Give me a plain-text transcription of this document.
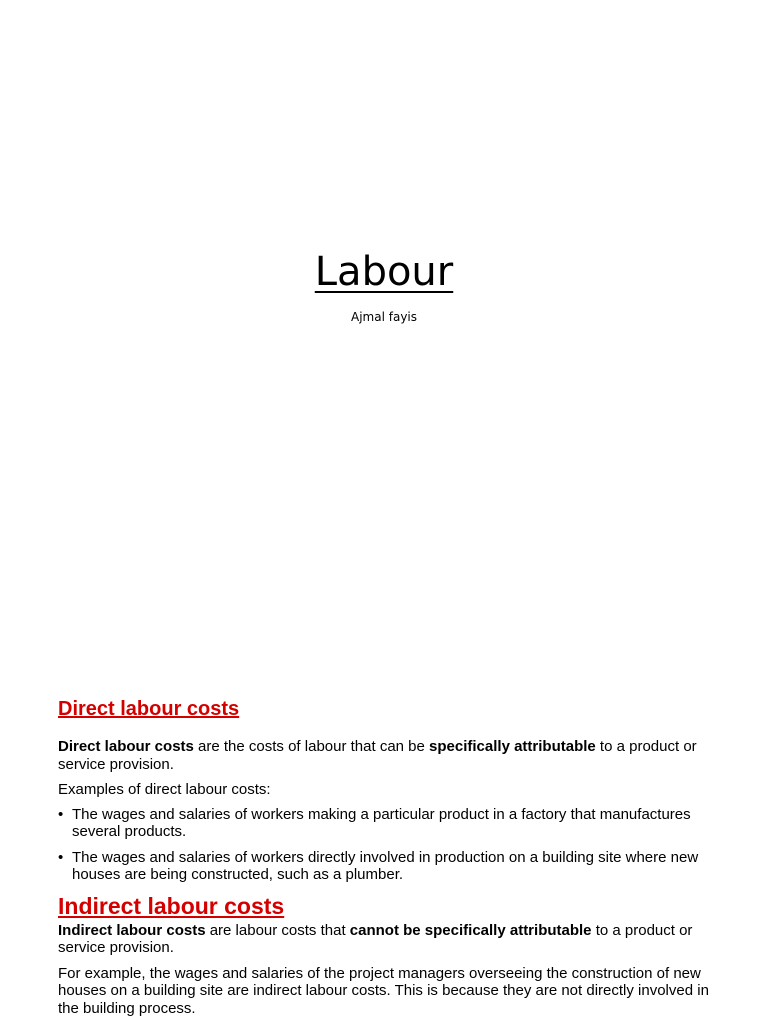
Labour
Ajmal fayis
Direct labour costs

Direct labour costs are the costs of labour that can be specifically attributable to a product or service provision.

Examples of direct labour costs:

• The wages and salaries of workers making a particular product in a factory that manufactures several products.
• The wages and salaries of workers directly involved in production on a building site where new houses are being constructed, such as a plumber.
Indirect labour costs

Indirect labour costs are labour costs that cannot be specifically attributable to a product or service provision.

For example, the wages and salaries of the project managers overseeing the construction of new houses on a building site are indirect labour costs. This is because they are not directly involved in the building process.
